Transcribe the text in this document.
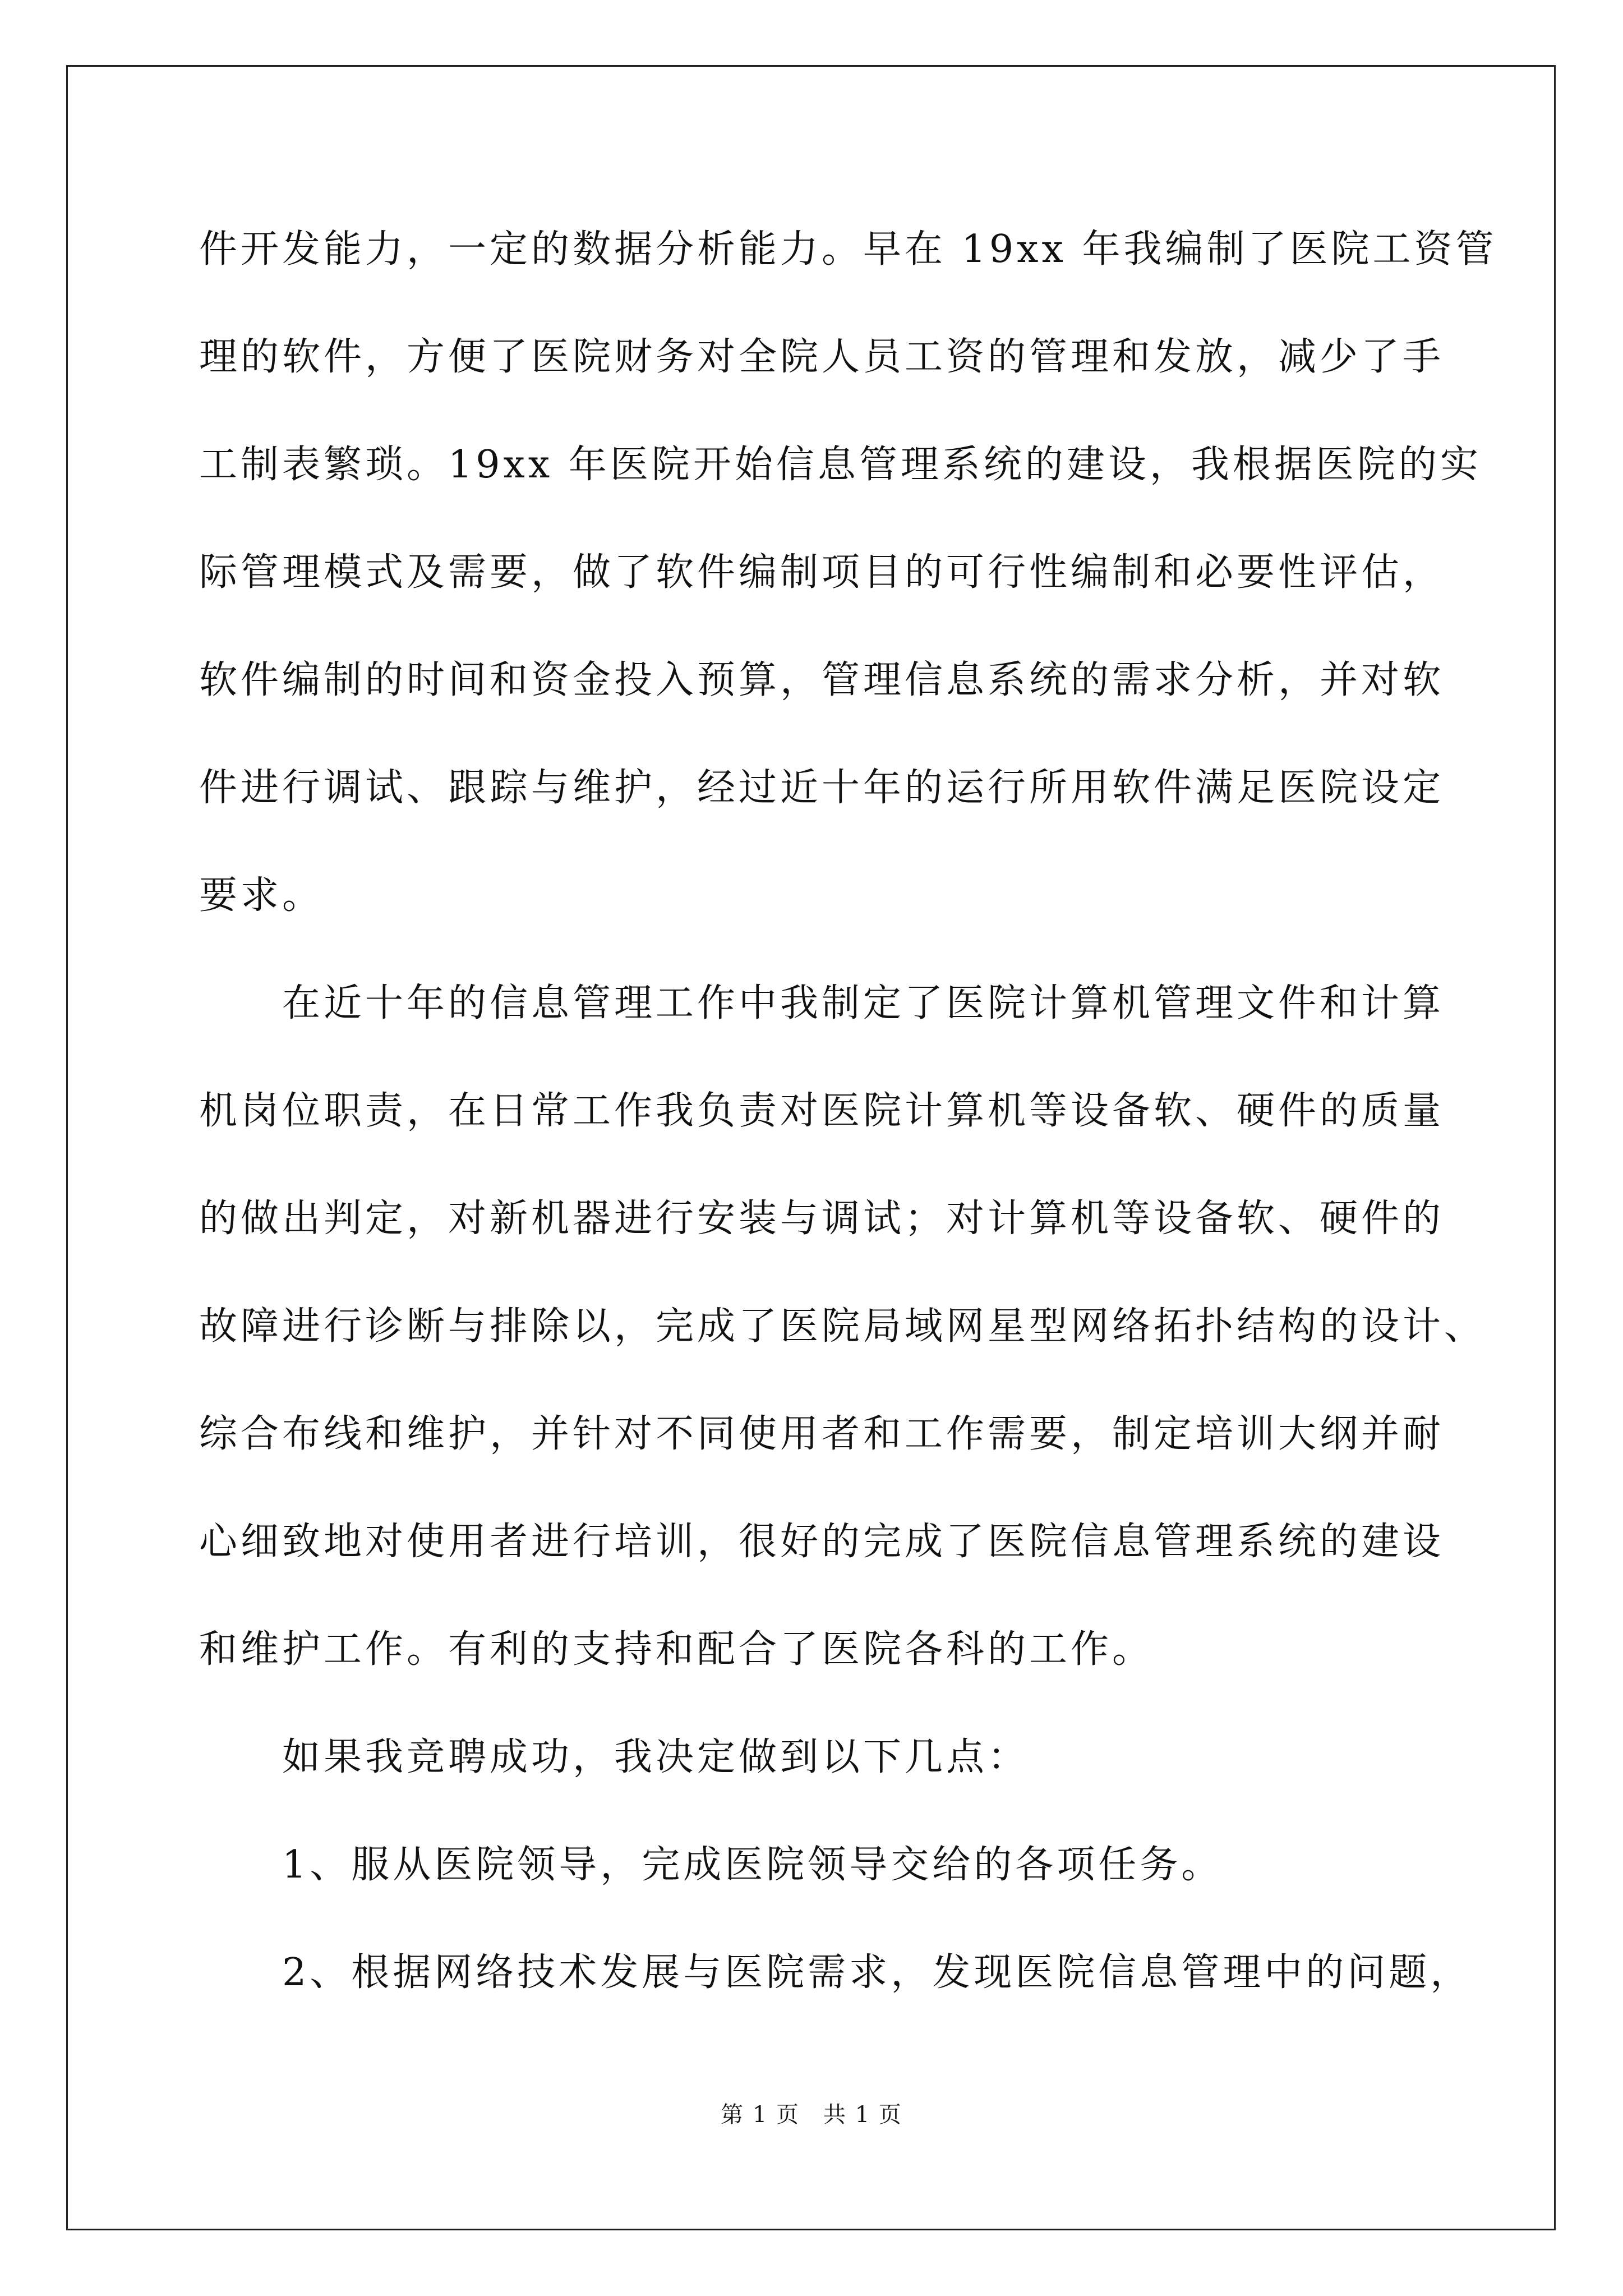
件开发能力，一定的数据分析能力。早在 19xx 年我编制了医院工资管
理的软件，方便了医院财务对全院人员工资的管理和发放，减少了手
工制表繁琐。19xx 年医院开始信息管理系统的建设，我根据医院的实
际管理模式及需要，做了软件编制项目的可行性编制和必要性评估，
软件编制的时间和资金投入预算，管理信息系统的需求分析，并对软
件进行调试、跟踪与维护，经过近十年的运行所用软件满足医院设定
要求。
　　在近十年的信息管理工作中我制定了医院计算机管理文件和计算
机岗位职责，在日常工作我负责对医院计算机等设备软、硬件的质量
的做出判定，对新机器进行安装与调试；对计算机等设备软、硬件的
故障进行诊断与排除以，完成了医院局域网星型网络拓扑结构的设计、
综合布线和维护，并针对不同使用者和工作需要，制定培训大纲并耐
心细致地对使用者进行培训，很好的完成了医院信息管理系统的建设
和维护工作。有利的支持和配合了医院各科的工作。
　　如果我竞聘成功，我决定做到以下几点：
　　1、服从医院领导，完成医院领导交给的各项任务。
　　2、根据网络技术发展与医院需求，发现医院信息管理中的问题，
第 1 页　共 1 页
